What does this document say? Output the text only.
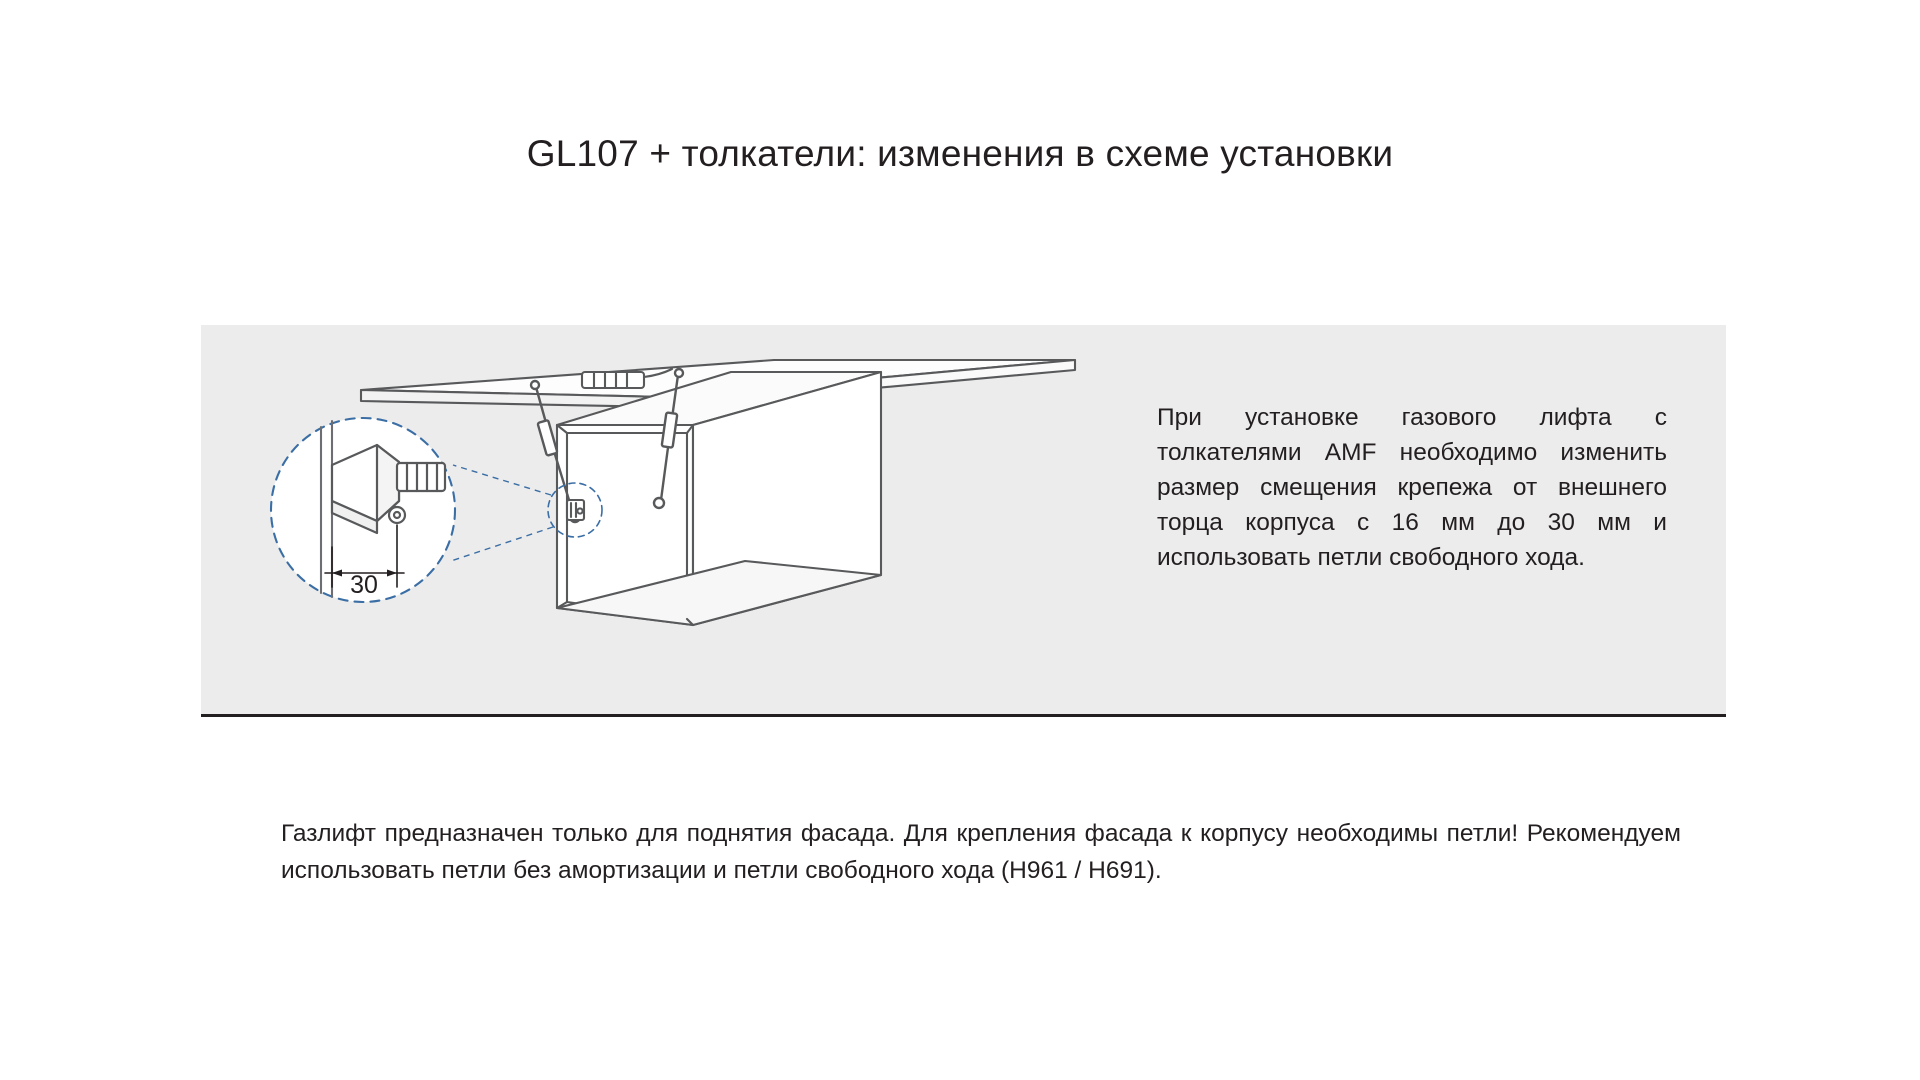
GL107 + толкатели: изменения в схеме установки
30
При установке газового лифта с толкателями AMF необходимо изменить размер смещения крепежа от внешнего торца корпуса с 16 мм до 30 мм и использовать петли свободного хода.
Газлифт предназначен только для поднятия фасада. Для крепления фасада к корпусу необходимы петли! Рекомендуем использовать петли без амортизации и петли свободного хода (H961 / H691).
